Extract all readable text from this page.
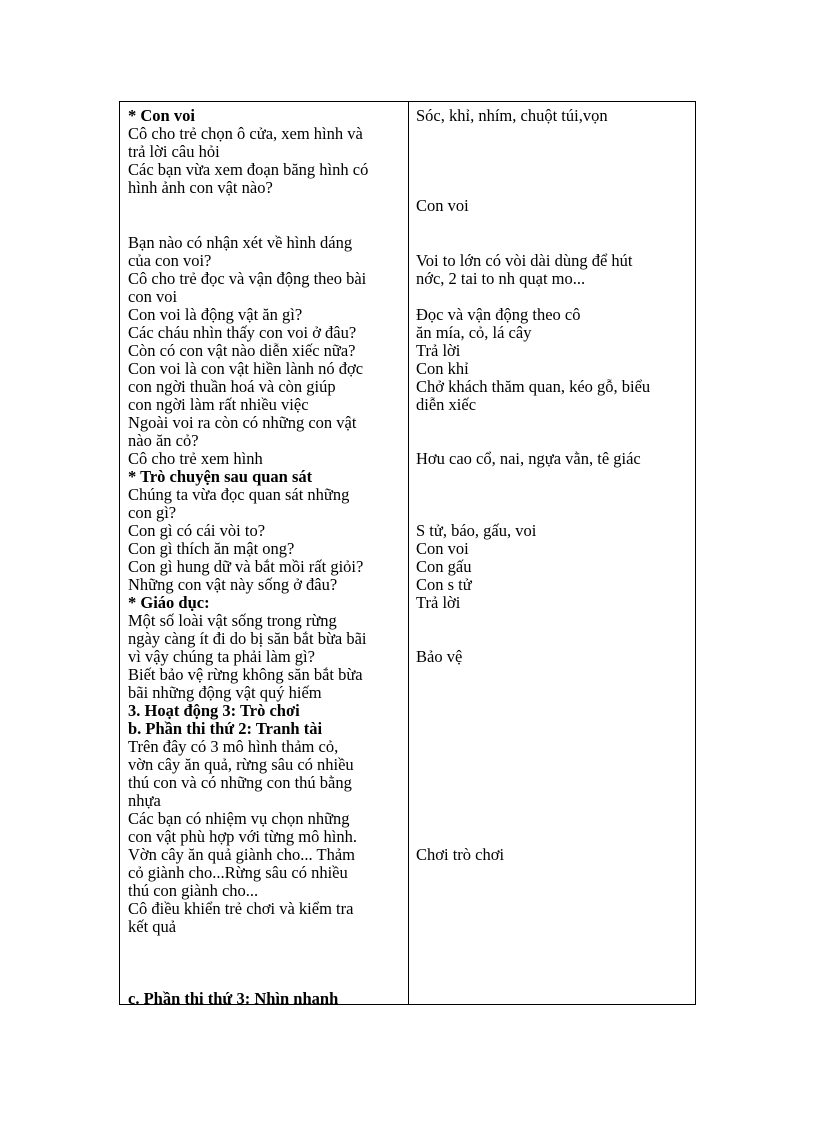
* Con voi
Cô cho trẻ chọn ô cửa, xem hình và
trả lời câu hỏi
Các bạn vừa xem đoạn băng hình có
hình ảnh con vật nào?
Bạn nào có nhận xét về hình dáng
của con voi?
Cô cho trẻ đọc và vận động theo bài
con voi
Con voi là động vật ăn gì?
Các cháu nhìn thấy con voi ở đâu?
Còn có con vật nào diễn xiếc nữa?
Con voi là con vật hiền lành nó đợc
con ngời thuần hoá và còn giúp
con ngời làm rất nhiều việc
Ngoài voi ra còn có những con vật
nào ăn cỏ?
Cô cho trẻ xem hình
* Trò chuyện sau quan sát
Chúng ta vừa đọc quan sát những
con gì?
Con gì có cái vòi to?
Con gì thích ăn mật ong?
Con gì hung dữ và bắt mồi rất giỏi?
Những con vật này sống ở đâu?
* Giáo dục:
Một số loài vật sống trong rừng
ngày càng ít đi do bị săn bắt bừa bãi
vì vậy chúng ta phải làm gì?
Biết bảo vệ rừng không săn bắt bừa
bãi những động vật quý hiếm
3. Hoạt động 3: Trò chơi
b. Phần thi thứ 2: Tranh tài
Trên đây có 3 mô hình thảm cỏ,
vờn cây ăn quả, rừng sâu có nhiều
thú con và có những con thú bằng
nhựa
Các bạn có nhiệm vụ chọn những
con vật phù hợp với từng mô hình.
Vờn cây ăn quả giành cho... Thảm
cỏ giành cho...Rừng sâu có nhiều
thú con giành cho...
Cô điều khiển trẻ chơi và kiểm tra
kết quả
c. Phần thi thứ 3: Nhìn nhanh
Sóc, khỉ, nhím, chuột túi,vọn
Con voi
Voi to lớn có vòi dài dùng để hút
nớc, 2 tai to nh quạt mo...
Đọc và vận động theo cô
ăn mía, cỏ, lá cây
Trả lời
Con khỉ
Chở khách thăm quan, kéo gỗ, biểu
diễn xiếc
Hơu cao cổ, nai, ngựa vằn, tê giác
S tử, báo, gấu, voi
Con voi
Con gấu
Con s tử
Trả lời
Bảo vệ
Chơi trò chơi
